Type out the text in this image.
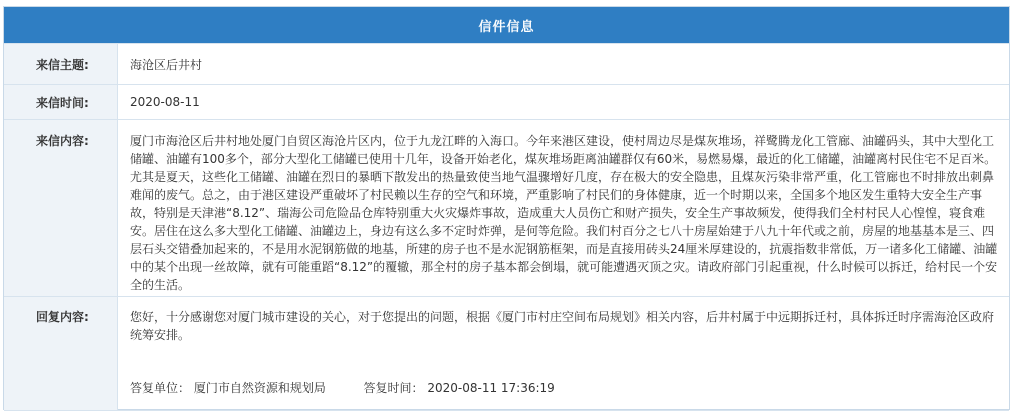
信件信息
来信主题:	海沧区后井村
来信时间:	2020-08-11
来信内容:	厦门市海沧区后井村地处厦门自贸区海沧片区内，位于九龙江畔的入海口。今年来港区建设，使村周边尽是煤灰堆场，祥鹭腾龙化工管廊、油罐码头，其中大型化工储罐、油罐有100多个，部分大型化工储罐已使用十几年，设备开始老化，煤灰堆场距离油罐群仅有60米，易燃易爆，最近的化工储罐，油罐离村民住宅不足百米。尤其是夏天，这些化工储罐、油罐在烈日的暴晒下散发出的热量致使当地气温骤增好几度，存在极大的安全隐患，且煤灰污染非常严重，化工管廊也不时排放出刺鼻难闻的废气。总之，由于港区建设严重破坏了村民赖以生存的空气和环境，严重影响了村民们的身体健康，近一个时期以来，全国多个地区发生重特大安全生产事故，特别是天津港“8.12”、瑞海公司危险品仓库特别重大火灾爆炸事故，造成重大人员伤亡和财产损失，安全生产事故频发，使得我们全村村民人心惶惶，寝食难安。居住在这么多大型化工储罐、油罐边上，身边有这么多不定时炸弹，是何等危险。我们村百分之七八十房屋始建于八九十年代或之前，房屋的地基基本是三、四层石头交错叠加起来的，不是用水泥钢筋做的地基，所建的房子也不是水泥钢筋框架，而是直接用砖头24厘米厚建设的，抗震指数非常低，万一诸多化工储罐、油罐中的某个出现一丝故障，就有可能重蹈“8.12”的覆辙，那全村的房子基本都会倒塌，就可能遭遇灭顶之灾。请政府部门引起重视，什么时候可以拆迁，给村民一个安全的生活。
回复内容:	您好，十分感谢您对厦门城市建设的关心，对于您提出的问题，根据《厦门市村庄空间布局规划》相关内容，后井村属于中远期拆迁村，具体拆迁时序需海沧区政府统筹安排。
答复单位： 厦门市自然资源和规划局	答复时间： 2020-08-11 17:36:19
